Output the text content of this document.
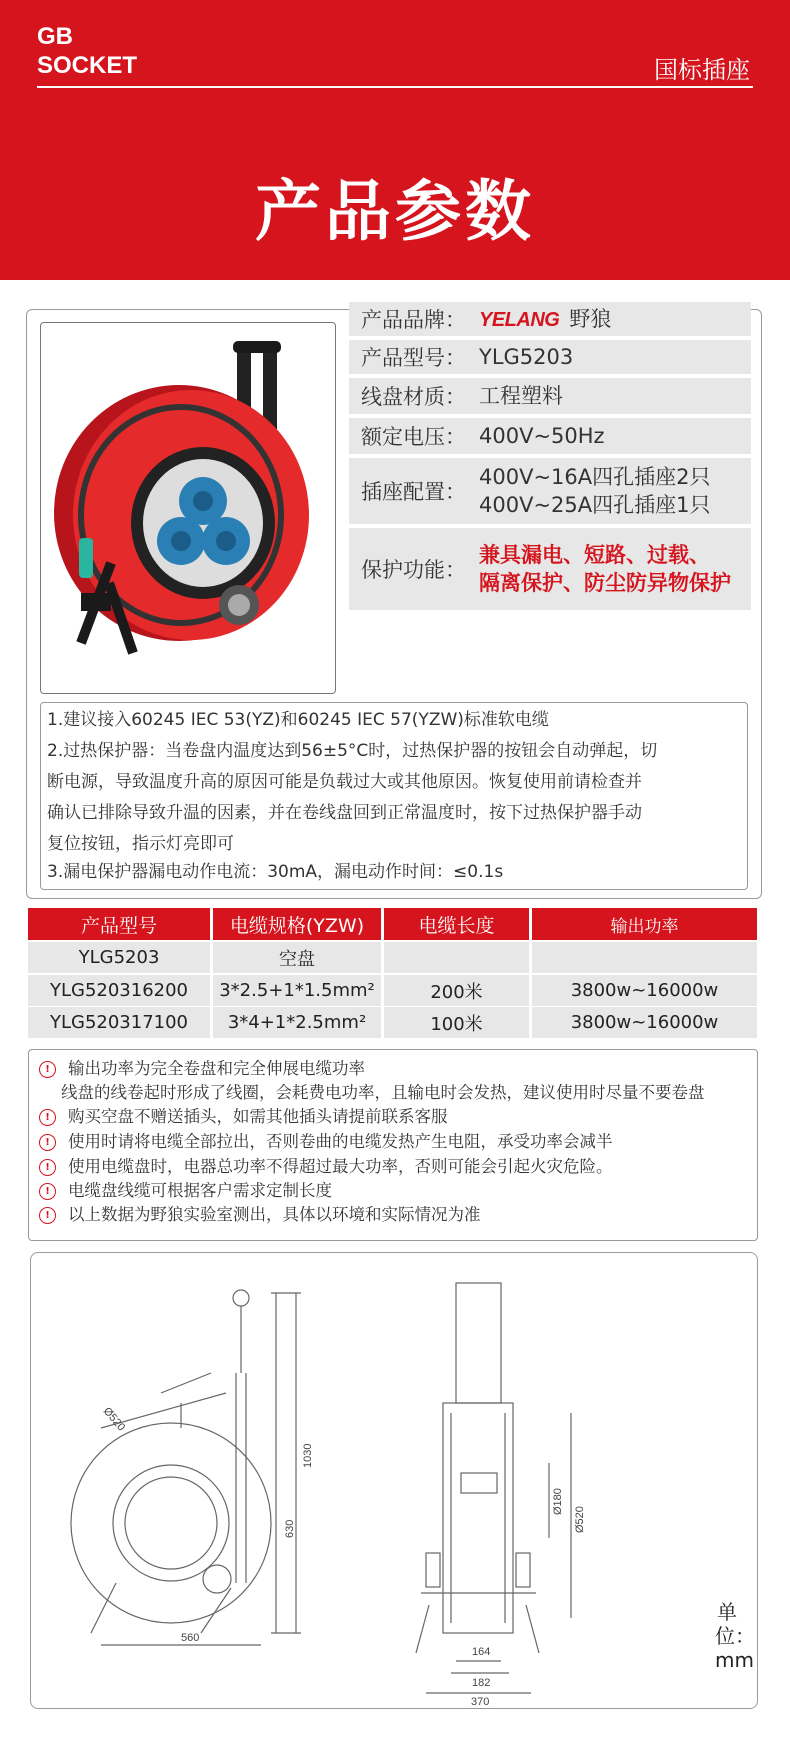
GB
SOCKET	国标插座
产品参数
产品品牌： YELANG 野狼
产品型号： YLG5203
线盘材质： 工程塑料
额定电压： 400V~50Hz
插座配置：
400V~16A四孔插座2只
400V~25A四孔插座1只
保护功能：
兼具漏电、短路、过载、
隔离保护、防尘防异物保护
1.建议接入60245 IEC 53(YZ)和60245 IEC 57(YZW)标准软电缆
2.过热保护器：当卷盘内温度达到56±5°C时，过热保护器的按钮会自动弹起，切
断电源，导致温度升高的原因可能是负载过大或其他原因。恢复使用前请检查并
确认已排除导致升温的因素，并在卷线盘回到正常温度时，按下过热保护器手动
复位按钮，指示灯亮即可
3.漏电保护器漏电动作电流：30mA，漏电动作时间：≤0.1s
产品型号	电缆规格(YZW)	电缆长度	输出功率
YLG5203	空盘
YLG520316200	3*2.5+1*1.5mm²	200米	3800w~16000w
YLG520317100	3*4+1*2.5mm²	100米	3800w~16000w
!	输出功率为完全卷盘和完全伸展电缆功率
线盘的线卷起时形成了线圈，会耗费电功率，且输电时会发热，建议使用时尽量不要卷盘
!	购买空盘不赠送插头，如需其他插头请提前联系客服
!	使用时请将电缆全部拉出，否则卷曲的电缆发热产生电阻，承受功率会减半
!	使用电缆盘时，电器总功率不得超过最大功率，否则可能会引起火灾危险。
!	电缆盘线缆可根据客户需求定制长度
!	以上数据为野狼实验室测出，具体以环境和实际情况为准
Ø520
1030
630
560
Ø180
Ø520
164
182
370
单位：mm
